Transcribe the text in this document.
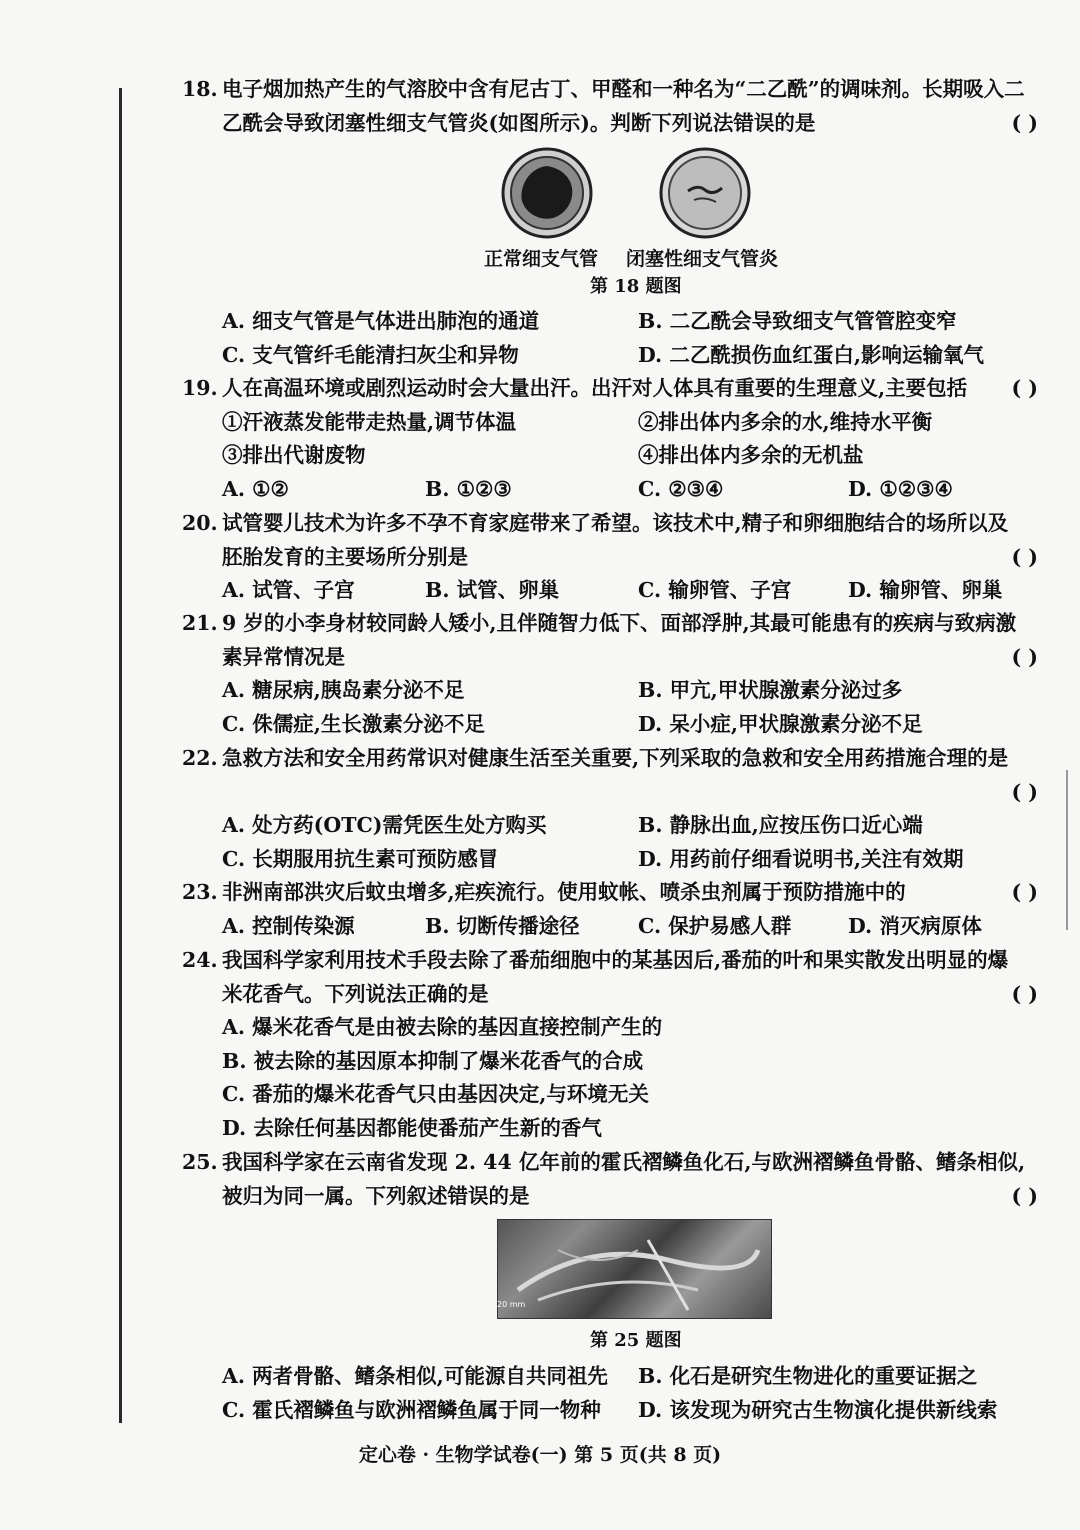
18. 电子烟加热产生的气溶胶中含有尼古丁、甲醛和一种名为“二乙酰”的调味剂。长期吸入二乙酰会导致闭塞性细支气管炎(如图所示)。判断下列说法错误的是	( )
正常细支气管 闭塞性细支气管炎
第 18 题图
A. 细支气管是气体进出肺泡的通道	B. 二乙酰会导致细支气管管腔变窄
C. 支气管纤毛能清扫灰尘和异物	D. 二乙酰损伤血红蛋白,影响运输氧气
19. 人在高温环境或剧烈运动时会大量出汗。出汗对人体具有重要的生理意义,主要包括	( )
①汗液蒸发能带走热量,调节体温	②排出体内多余的水,维持水平衡
③排出代谢废物	④排出体内多余的无机盐
A. ①②	B. ①②③	C. ②③④	D. ①②③④
20. 试管婴儿技术为许多不孕不育家庭带来了希望。该技术中,精子和卵细胞结合的场所以及
胚胎发育的主要场所分别是	( )
A. 试管、子宫	B. 试管、卵巢	C. 输卵管、子宫	D. 输卵管、卵巢
21. 9 岁的小李身材较同龄人矮小,且伴随智力低下、面部浮肿,其最可能患有的疾病与致病激
素异常情况是	( )
A. 糖尿病,胰岛素分泌不足	B. 甲亢,甲状腺激素分泌过多
C. 侏儒症,生长激素分泌不足	D. 呆小症,甲状腺激素分泌不足
22. 急救方法和安全用药常识对健康生活至关重要,下列采取的急救和安全用药措施合理的是
( )
A. 处方药(OTC)需凭医生处方购买	B. 静脉出血,应按压伤口近心端
C. 长期服用抗生素可预防感冒	D. 用药前仔细看说明书,关注有效期
23. 非洲南部洪灾后蚊虫增多,疟疾流行。使用蚊帐、喷杀虫剂属于预防措施中的	( )
A. 控制传染源	B. 切断传播途径	C. 保护易感人群	D. 消灭病原体
24. 我国科学家利用技术手段去除了番茄细胞中的某基因后,番茄的叶和果实散发出明显的爆
米花香气。下列说法正确的是	( )
A. 爆米花香气是由被去除的基因直接控制产生的
B. 被去除的基因原本抑制了爆米花香气的合成
C. 番茄的爆米花香气只由基因决定,与环境无关
D. 去除任何基因都能使番茄产生新的香气
25. 我国科学家在云南省发现 2. 44 亿年前的霍氏褶鳞鱼化石,与欧洲褶鳞鱼骨骼、鳍条相似,
被归为同一属。下列叙述错误的是	( )
20 mm
第 25 题图
A. 两者骨骼、鳍条相似,可能源自共同祖先 B. 化石是研究生物进化的重要证据之
C. 霍氏褶鳞鱼与欧洲褶鳞鱼属于同一物种 D. 该发现为研究古生物演化提供新线索
定心卷 · 生物学试卷(一) 第 5 页(共 8 页)
